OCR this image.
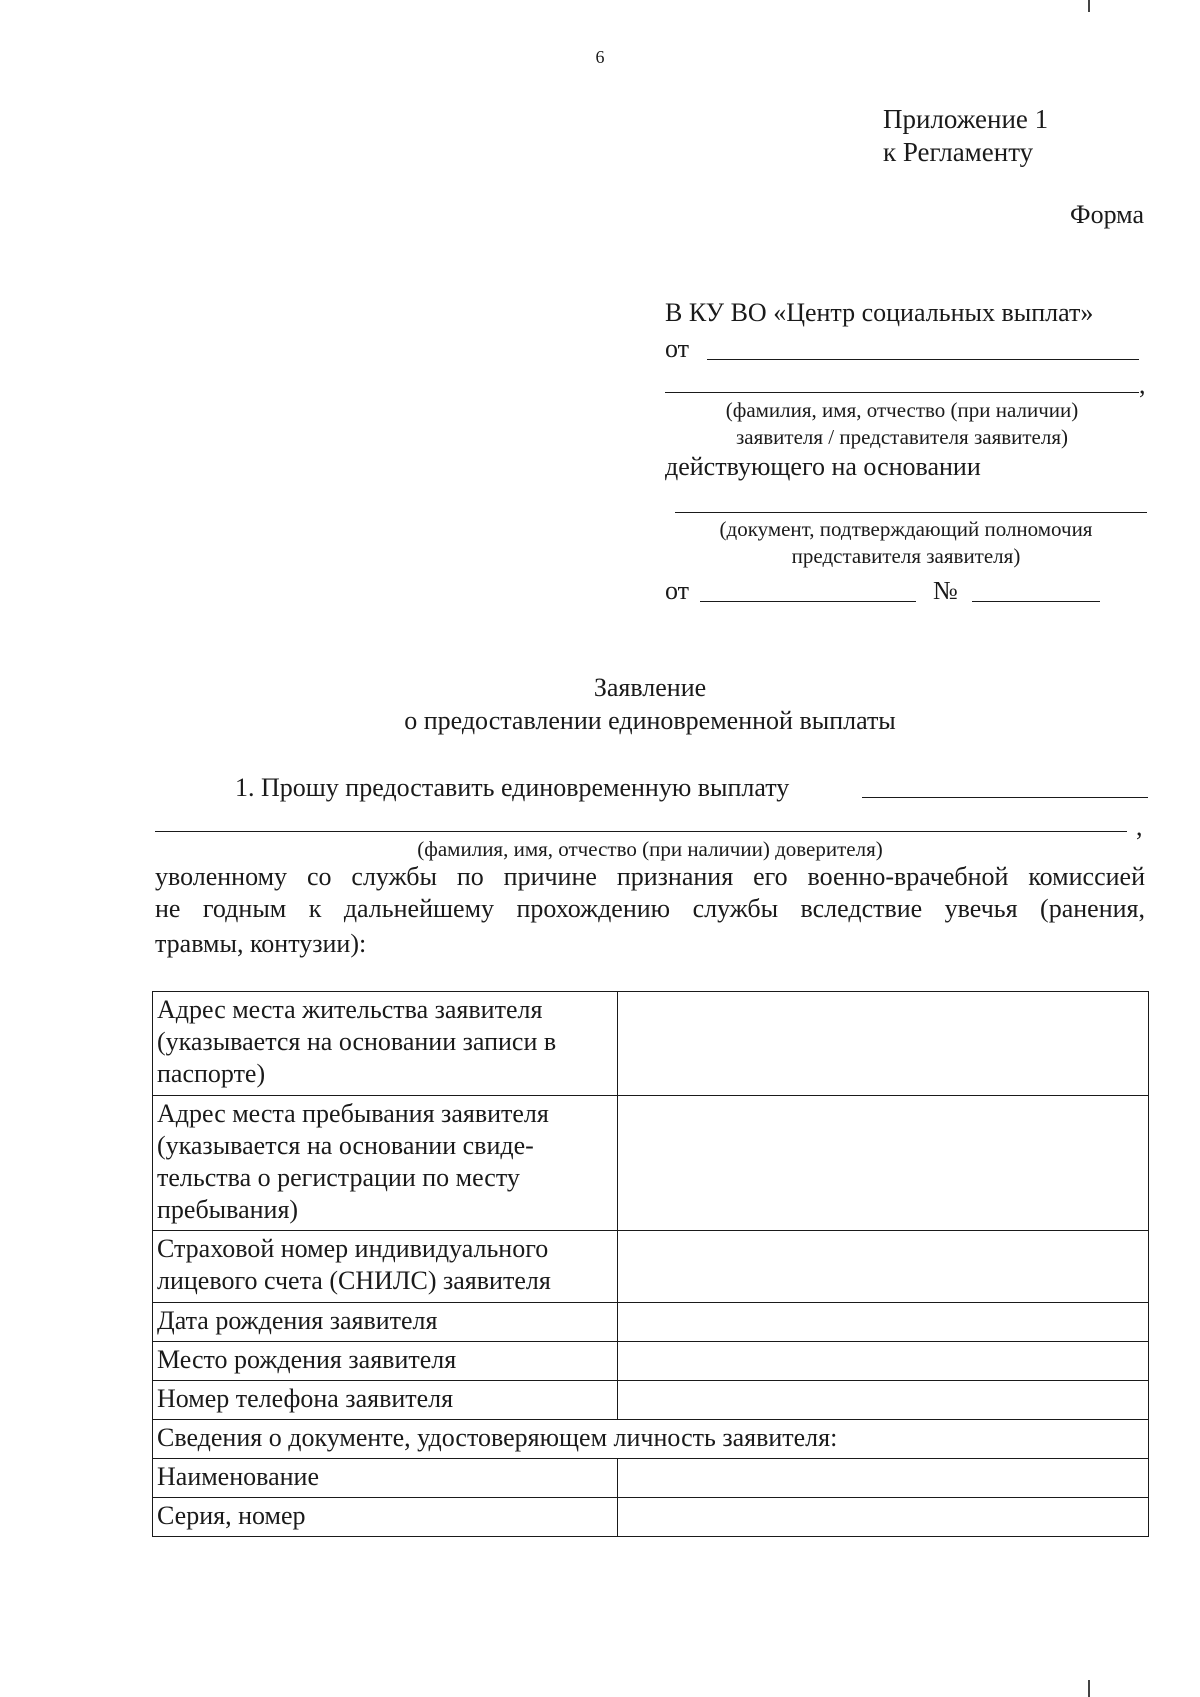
6
Приложение 1
к Регламенту
Форма
В КУ ВО «Центр социальных выплат»
от
,
(фамилия, имя, отчество (при наличии)
заявителя / представителя заявителя)
действующего на основании
(документ, подтверждающий полномочия
представителя заявителя)
от	№
Заявление
о предоставлении единовременной выплаты
1. Прошу предоставить единовременную выплату
,
(фамилия, имя, отчество (при наличии) доверителя)
уволенному со службы по причине признания его военно-врачебной комиссией
не годным к дальнейшему прохождению службы вследствие увечья (ранения,
травмы, контузии):
Адрес места жительства заявителя (указывается на основании записи в паспорте)	
Адрес места пребывания заявителя (указывается на основании свиде-тельства о регистрации по месту пребывания)	
Страховой номер индивидуального лицевого счета (СНИЛС) заявителя	
Дата рождения заявителя	
Место рождения заявителя	
Номер телефона заявителя	
Сведения о документе, удостоверяющем личность заявителя:	
Наименование	
Серия, номер	
